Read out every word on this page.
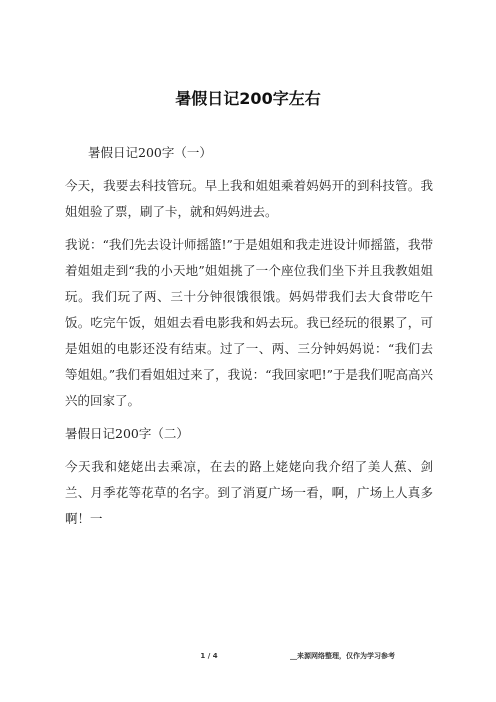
暑假日记200字左右

暑假日记200字（一）

今天，我要去科技管玩。早上我和姐姐乘着妈妈开的到科技管。我姐姐验了票，刷了卡，就和妈妈进去。

我说：“我们先去设计师摇篮!”于是姐姐和我走进设计师摇篮，我带着姐姐走到“我的小天地”姐姐挑了一个座位我们坐下并且我教姐姐玩。我们玩了两、三十分钟很饿很饿。妈妈带我们去大食带吃午饭。吃完午饭，姐姐去看电影我和妈去玩。我已经玩的很累了，可是姐姐的电影还没有结束。过了一、两、三分钟妈妈说：“我们去等姐姐。”我们看姐姐过来了，我说：“我回家吧!”于是我们呢高高兴兴的回家了。

暑假日记200字（二）

今天我和姥姥出去乘凉，在去的路上姥姥向我介绍了美人蕉、剑兰、月季花等花草的名字。到了消夏广场一看，啊，广场上人真多啊！一

1 / 4	__来源网络整理，仅作为学习参考
